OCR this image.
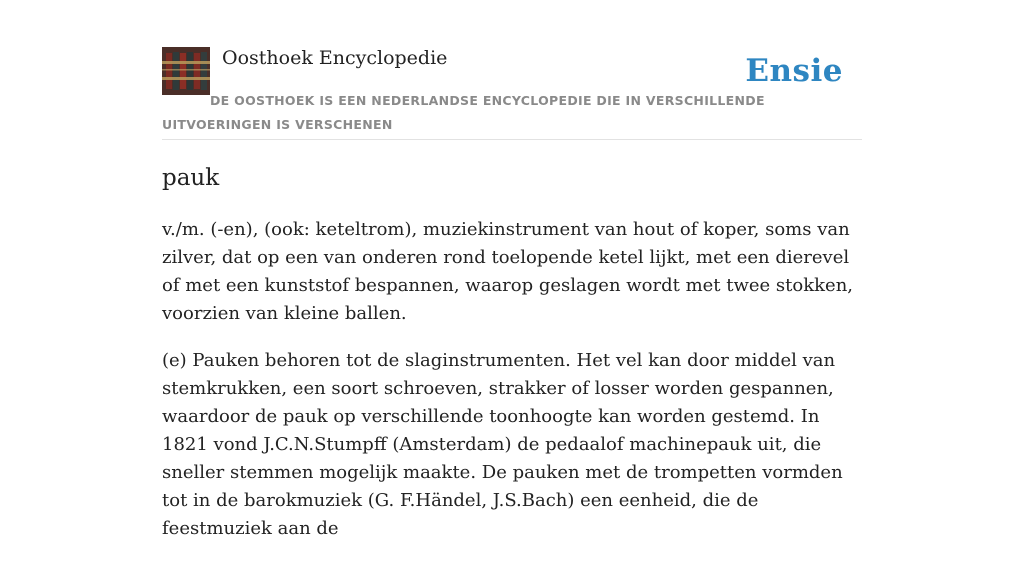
Oosthoek Encyclopedie	Ensie
DE OOSTHOEK IS EEN NEDERLANDSE ENCYCLOPEDIE DIE IN VERSCHILLENDE UITVOERINGEN IS VERSCHENEN
pauk

v./m. (-en), (ook: keteltrom), muziekinstrument van hout of koper, soms van zilver, dat op een van onderen rond toelopende ketel lijkt, met een dierevel of met een kunststof bespannen, waarop geslagen wordt met twee stokken, voorzien van kleine ballen.

(e) Pauken behoren tot de slaginstrumenten. Het vel kan door middel van stemkrukken, een soort schroeven, strakker of losser worden gespannen, waardoor de pauk op verschillende toonhoogte kan worden gestemd. In 1821 vond J.C.N.Stumpff (Amsterdam) de pedaalof machinepauk uit, die sneller stemmen mogelijk maakte. De pauken met de trompetten vormden tot in de barokmuziek (G. F.Händel, J.S.Bach) een eenheid, die de feestmuziek aan de
